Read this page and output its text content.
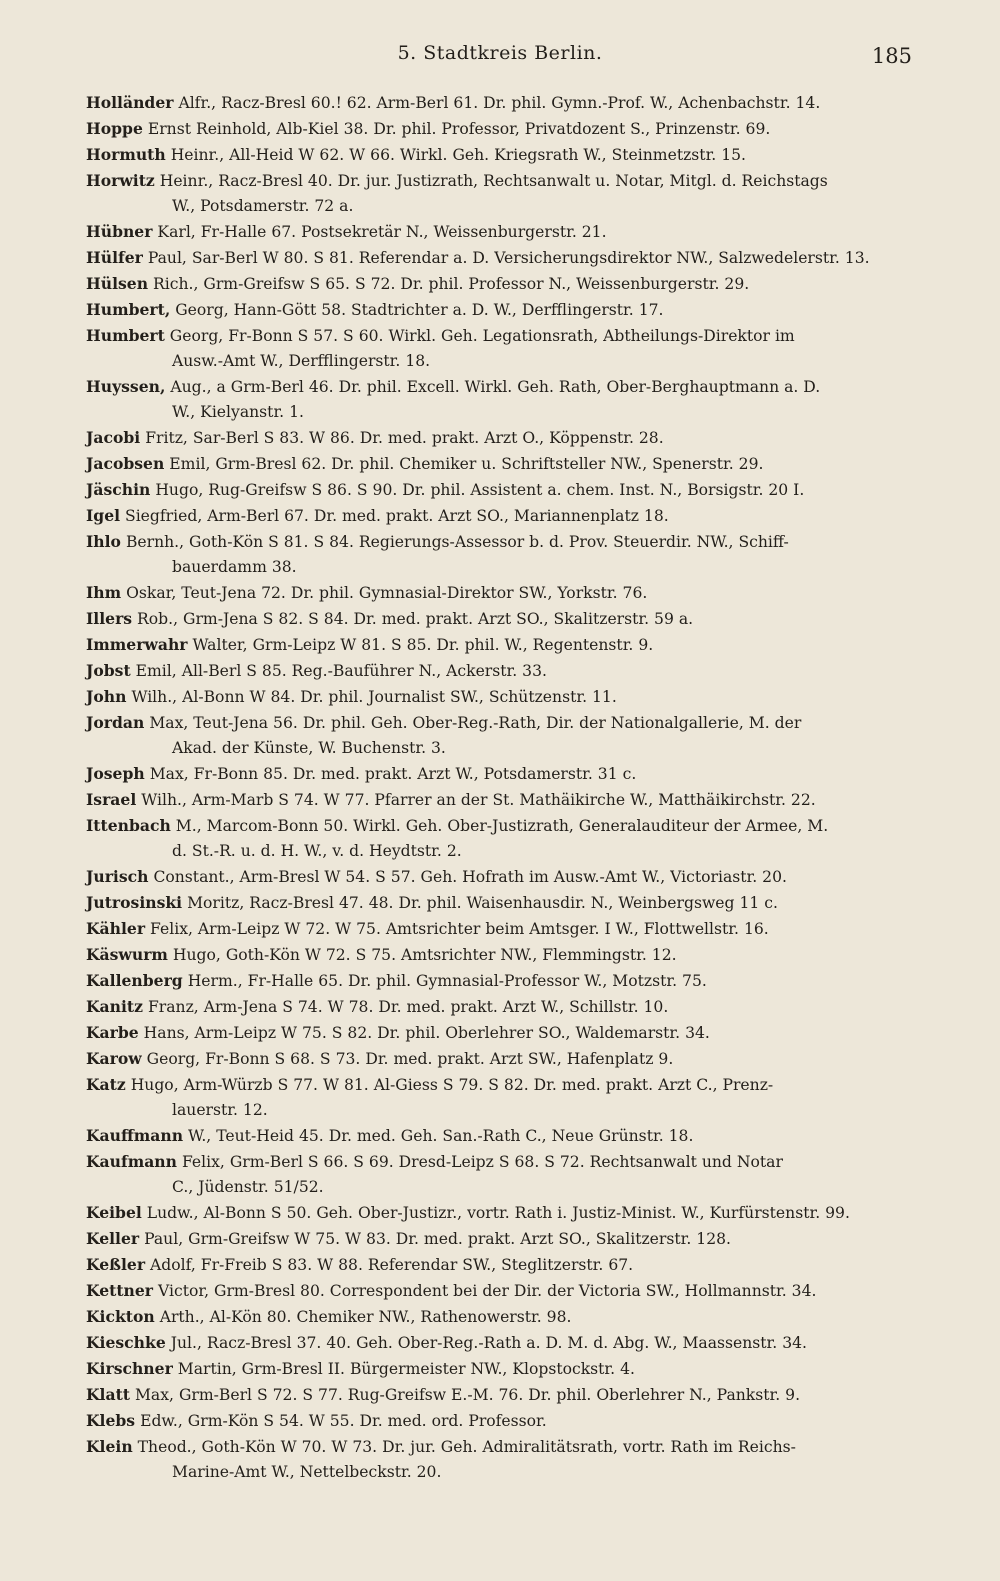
5. Stadtkreis Berlin.	185
Holländer Alfr., Racz-Bresl 60.! 62. Arm-Berl 61. Dr. phil. Gymn.-Prof. W., Achenbachstr. 14.
Hoppe Ernst Reinhold, Alb-Kiel 38. Dr. phil. Professor, Privatdozent S., Prinzenstr. 69.
Hormuth Heinr., All-Heid W 62. W 66. Wirkl. Geh. Kriegsrath W., Steinmetzstr. 15.
Horwitz Heinr., Racz-Bresl 40. Dr. jur. Justizrath, Rechtsanwalt u. Notar, Mitgl. d. Reichstags
W., Potsdamerstr. 72 a.
Hübner Karl, Fr-Halle 67. Postsekretär N., Weissenburgerstr. 21.
Hülfer Paul, Sar-Berl W 80. S 81. Referendar a. D. Versicherungsdirektor NW., Salzwedelerstr. 13.
Hülsen Rich., Grm-Greifsw S 65. S 72. Dr. phil. Professor N., Weissenburgerstr. 29.
Humbert, Georg, Hann-Gött 58. Stadtrichter a. D. W., Derfflingerstr. 17.
Humbert Georg, Fr-Bonn S 57. S 60. Wirkl. Geh. Legationsrath, Abtheilungs-Direktor im
Ausw.-Amt W., Derfflingerstr. 18.
Huyssen, Aug., a Grm-Berl 46. Dr. phil. Excell. Wirkl. Geh. Rath, Ober-Berghauptmann a. D.
W., Kielyanstr. 1.
Jacobi Fritz, Sar-Berl S 83. W 86. Dr. med. prakt. Arzt O., Köppenstr. 28.
Jacobsen Emil, Grm-Bresl 62. Dr. phil. Chemiker u. Schriftsteller NW., Spenerstr. 29.
Jäschin Hugo, Rug-Greifsw S 86. S 90. Dr. phil. Assistent a. chem. Inst. N., Borsigstr. 20 I.
Igel Siegfried, Arm-Berl 67. Dr. med. prakt. Arzt SO., Mariannenplatz 18.
Ihlo Bernh., Goth-Kön S 81. S 84. Regierungs-Assessor b. d. Prov. Steuerdir. NW., Schiff-
bauerdamm 38.
Ihm Oskar, Teut-Jena 72. Dr. phil. Gymnasial-Direktor SW., Yorkstr. 76.
Illers Rob., Grm-Jena S 82. S 84. Dr. med. prakt. Arzt SO., Skalitzerstr. 59 a.
Immerwahr Walter, Grm-Leipz W 81. S 85. Dr. phil. W., Regentenstr. 9.
Jobst Emil, All-Berl S 85. Reg.-Bauführer N., Ackerstr. 33.
John Wilh., Al-Bonn W 84. Dr. phil. Journalist SW., Schützenstr. 11.
Jordan Max, Teut-Jena 56. Dr. phil. Geh. Ober-Reg.-Rath, Dir. der Nationalgallerie, M. der
Akad. der Künste, W. Buchenstr. 3.
Joseph Max, Fr-Bonn 85. Dr. med. prakt. Arzt W., Potsdamerstr. 31 c.
Israel Wilh., Arm-Marb S 74. W 77. Pfarrer an der St. Mathäikirche W., Matthäikirchstr. 22.
Ittenbach M., Marcom-Bonn 50. Wirkl. Geh. Ober-Justizrath, Generalauditeur der Armee, M.
d. St.-R. u. d. H. W., v. d. Heydtstr. 2.
Jurisch Constant., Arm-Bresl W 54. S 57. Geh. Hofrath im Ausw.-Amt W., Victoriastr. 20.
Jutrosinski Moritz, Racz-Bresl 47. 48. Dr. phil. Waisenhausdir. N., Weinbergsweg 11 c.
Kähler Felix, Arm-Leipz W 72. W 75. Amtsrichter beim Amtsger. I W., Flottwellstr. 16.
Käswurm Hugo, Goth-Kön W 72. S 75. Amtsrichter NW., Flemmingstr. 12.
Kallenberg Herm., Fr-Halle 65. Dr. phil. Gymnasial-Professor W., Motzstr. 75.
Kanitz Franz, Arm-Jena S 74. W 78. Dr. med. prakt. Arzt W., Schillstr. 10.
Karbe Hans, Arm-Leipz W 75. S 82. Dr. phil. Oberlehrer SO., Waldemarstr. 34.
Karow Georg, Fr-Bonn S 68. S 73. Dr. med. prakt. Arzt SW., Hafenplatz 9.
Katz Hugo, Arm-Würzb S 77. W 81. Al-Giess S 79. S 82. Dr. med. prakt. Arzt C., Prenz-
lauerstr. 12.
Kauffmann W., Teut-Heid 45. Dr. med. Geh. San.-Rath C., Neue Grünstr. 18.
Kaufmann Felix, Grm-Berl S 66. S 69. Dresd-Leipz S 68. S 72. Rechtsanwalt und Notar
C., Jüdenstr. 51/52.
Keibel Ludw., Al-Bonn S 50. Geh. Ober-Justizr., vortr. Rath i. Justiz-Minist. W., Kurfürstenstr. 99.
Keller Paul, Grm-Greifsw W 75. W 83. Dr. med. prakt. Arzt SO., Skalitzerstr. 128.
Keßler Adolf, Fr-Freib S 83. W 88. Referendar SW., Steglitzerstr. 67.
Kettner Victor, Grm-Bresl 80. Correspondent bei der Dir. der Victoria SW., Hollmannstr. 34.
Kickton Arth., Al-Kön 80. Chemiker NW., Rathenowerstr. 98.
Kieschke Jul., Racz-Bresl 37. 40. Geh. Ober-Reg.-Rath a. D. M. d. Abg. W., Maassenstr. 34.
Kirschner Martin, Grm-Bresl II. Bürgermeister NW., Klopstockstr. 4.
Klatt Max, Grm-Berl S 72. S 77. Rug-Greifsw E.-M. 76. Dr. phil. Oberlehrer N., Pankstr. 9.
Klebs Edw., Grm-Kön S 54. W 55. Dr. med. ord. Professor.
Klein Theod., Goth-Kön W 70. W 73. Dr. jur. Geh. Admiralitätsrath, vortr. Rath im Reichs-
Marine-Amt W., Nettelbeckstr. 20.
